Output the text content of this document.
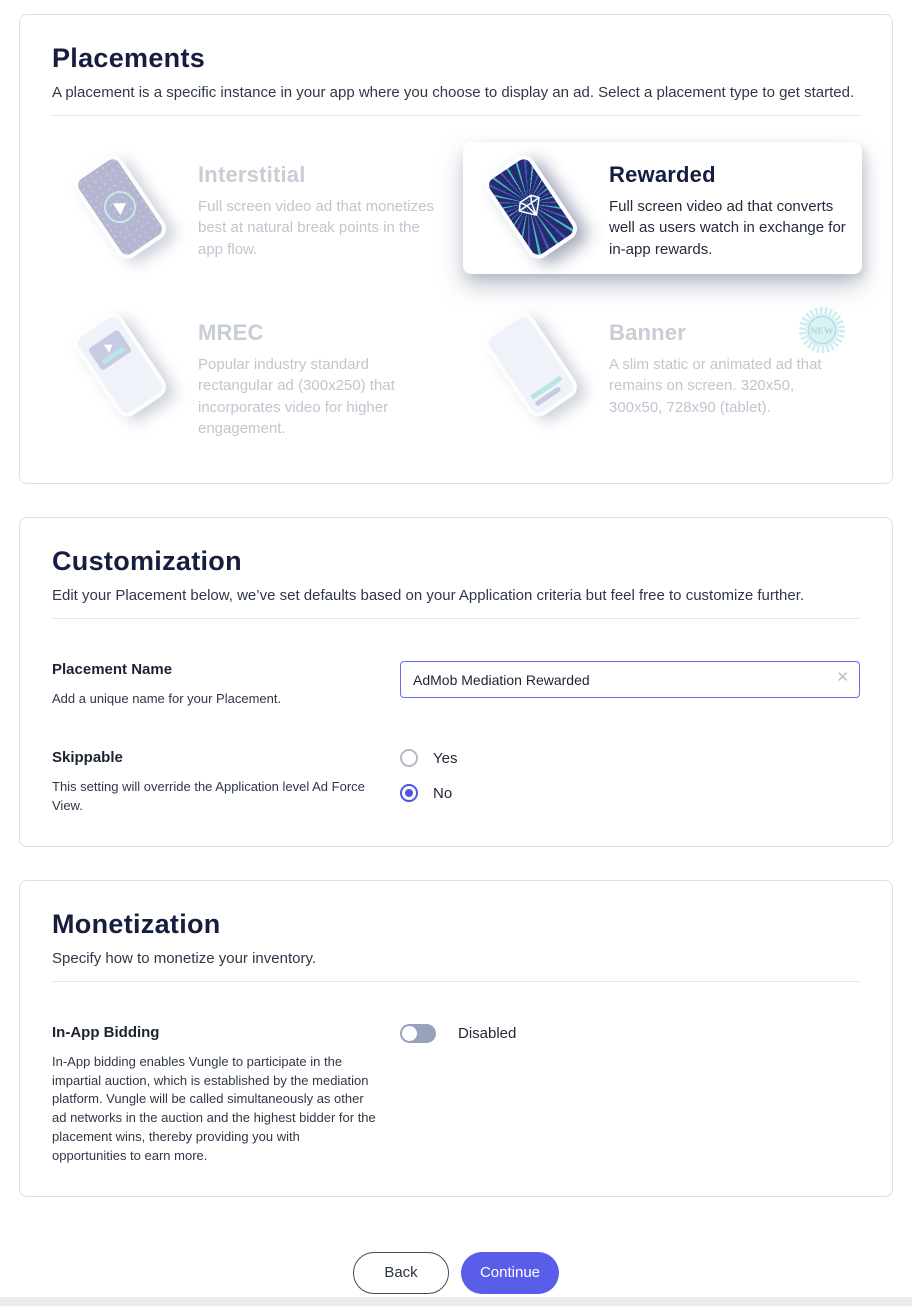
Placements

A placement is a specific instance in your app where you choose to display an ad. Select a placement type to get started.

Interstitial
Full screen video ad that monetizes best at natural break points in the app flow.
Rewarded
Full screen video ad that converts well as users watch in exchange for in-app rewards.
MREC
Popular industry standard rectangular ad (300x250) that incorporates video for higher engagement.
Banner
A slim static or animated ad that remains on screen. 320x50, 300x50, 728x90 (tablet).
NEW
Customization

Edit your Placement below, we’ve set defaults based on your Application criteria but feel free to customize further.

Placement Name
Add a unique name for your Placement.
AdMob Mediation Rewarded
✕
Skippable
This setting will override the Application level Ad Force View.
Yes
No
Monetization

Specify how to monetize your inventory.

In-App Bidding
In-App bidding enables Vungle to participate in the impartial auction, which is established by the mediation platform. Vungle will be called simultaneously as other ad networks in the auction and the highest bidder for the placement wins, thereby providing you with opportunities to earn more.
Disabled
Back	Continue
